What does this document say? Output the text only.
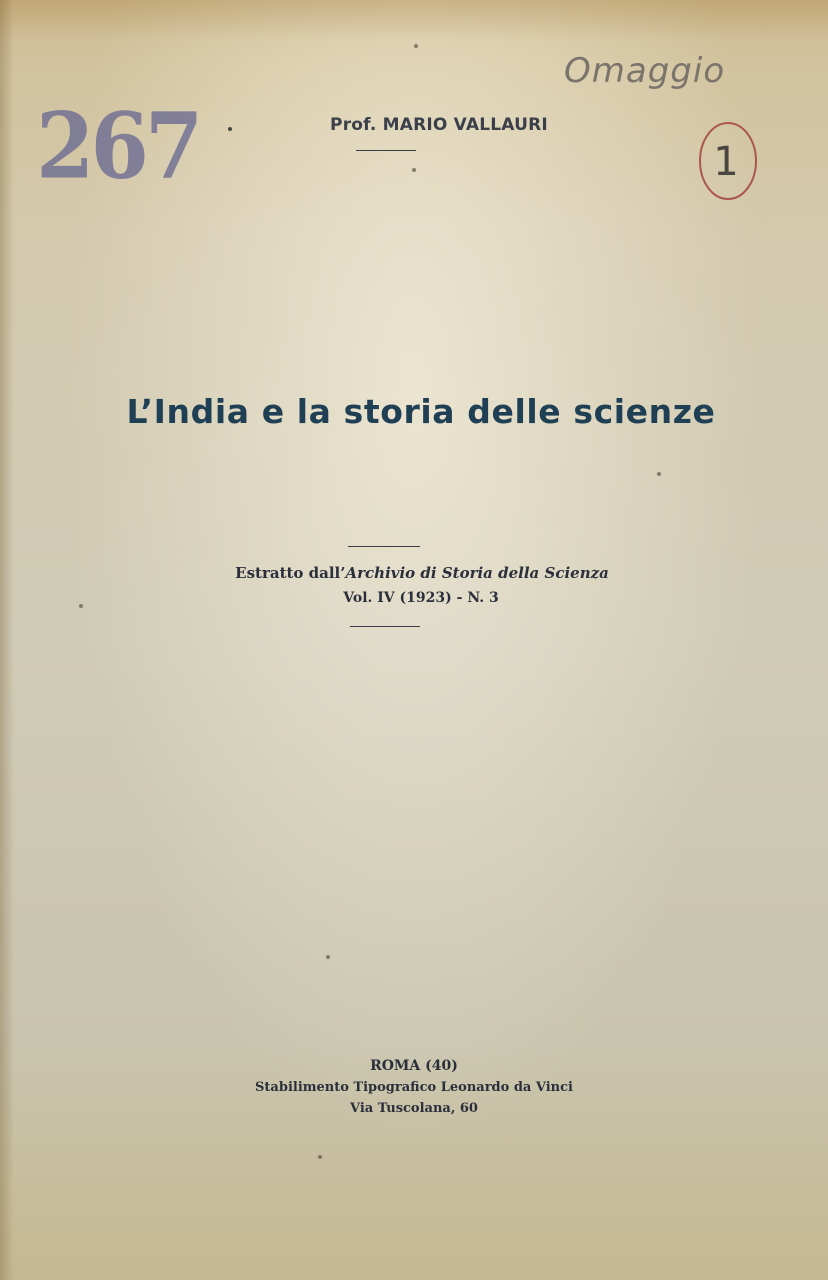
267
Omaggio
1
Prof. MARIO VALLAURI
L’India e la storia delle scienze
Estratto dall’Archivio di Storia della Scienza
Vol. IV (1923) - N. 3
ROMA (40)
Stabilimento Tipografico Leonardo da Vinci
Via Tuscolana, 60
